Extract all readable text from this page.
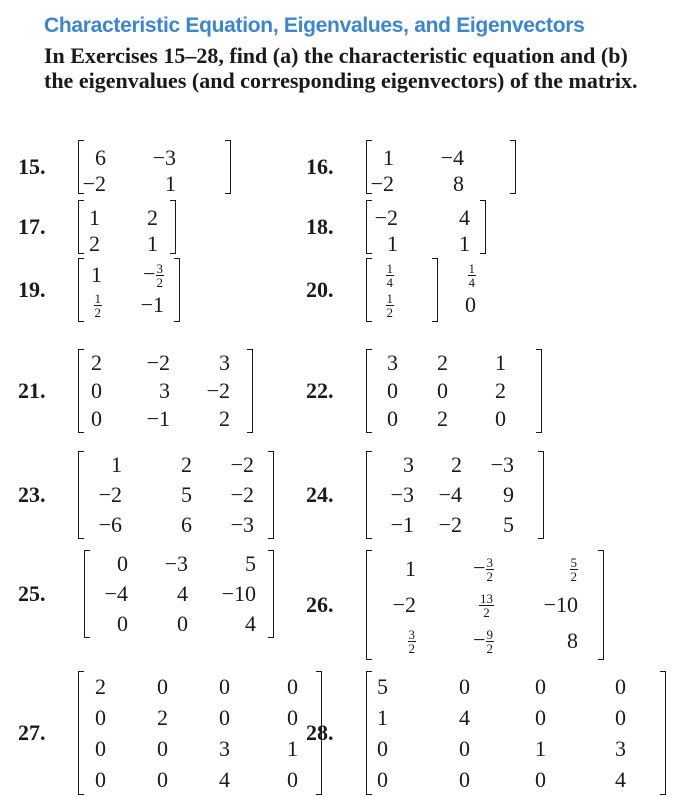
Characteristic Equation, Eigenvalues, and Eigenvectors

In Exercises 15–28, find (a) the characteristic equation and (b) the eigenvalues (and corresponding eigenvectors) of the matrix.

15. 6	−3
−2	1
16. 1	−4
−2	8
17. 1	2
2	1
18. −2	4
1	1
19.
1	− $\frac{3}{2}$

$\frac{1}{2}$	−1
20.
$\frac{1}{4}$	$\frac{1}{4}$

$\frac{1}{2}$	0
21.
2	−2	3
0	3	−2
0	−1	2
22.
3	2	1
0	0	2
0	2	0
23.
1	2	−2
−2	5	−2
−6	6	−3
24.
3	2	−3
−3	−4	9
−1	−2	5
25.
0	−3	5
−4	4	−10
0	0	4
26.
1	− $\frac{3}{2}$	$\frac{5}{2}$

−2	$\frac{13}{2}$	−10

$\frac{3}{2}$	− $\frac{9}{2}$	8
27.
2	0	0	0
0	2	0	0
0	0	3	1
0	0	4	0
28.
5	0	0	0
1	4	0	0
0	0	1	3
0	0	0	4
